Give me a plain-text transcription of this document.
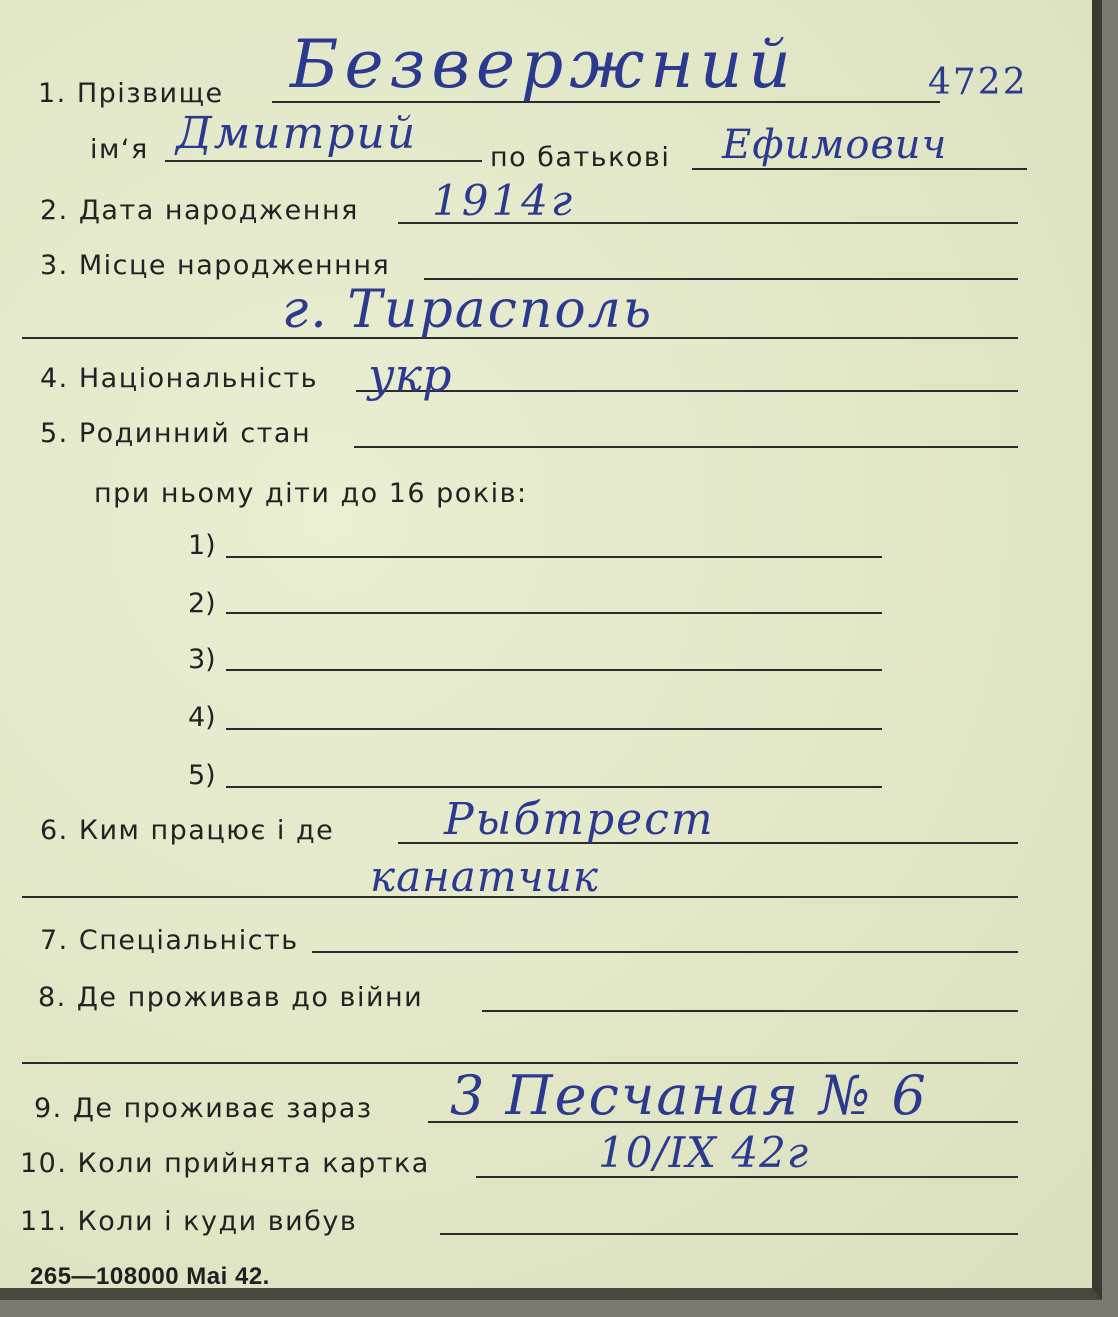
1. Прізвище Безвержний	4722
ім‘я Дмитрий	по батькові Ефимович
2. Дата народження 1914г
3. Місце народженння
г. Тирасполь
4. Національність укр
5. Родинний стан
при ньому діти до 16 років:
1)
2)
3)
4)
5)
6. Ким працює і де Рыбтрест
канатчик
7. Спеціальність
8. Де проживав до війни
9. Де проживає зараз 3 Песчаная № 6
10. Коли прийнята картка	10/IX 42г
11. Коли і куди вибув
265—108000 Mai 42.
